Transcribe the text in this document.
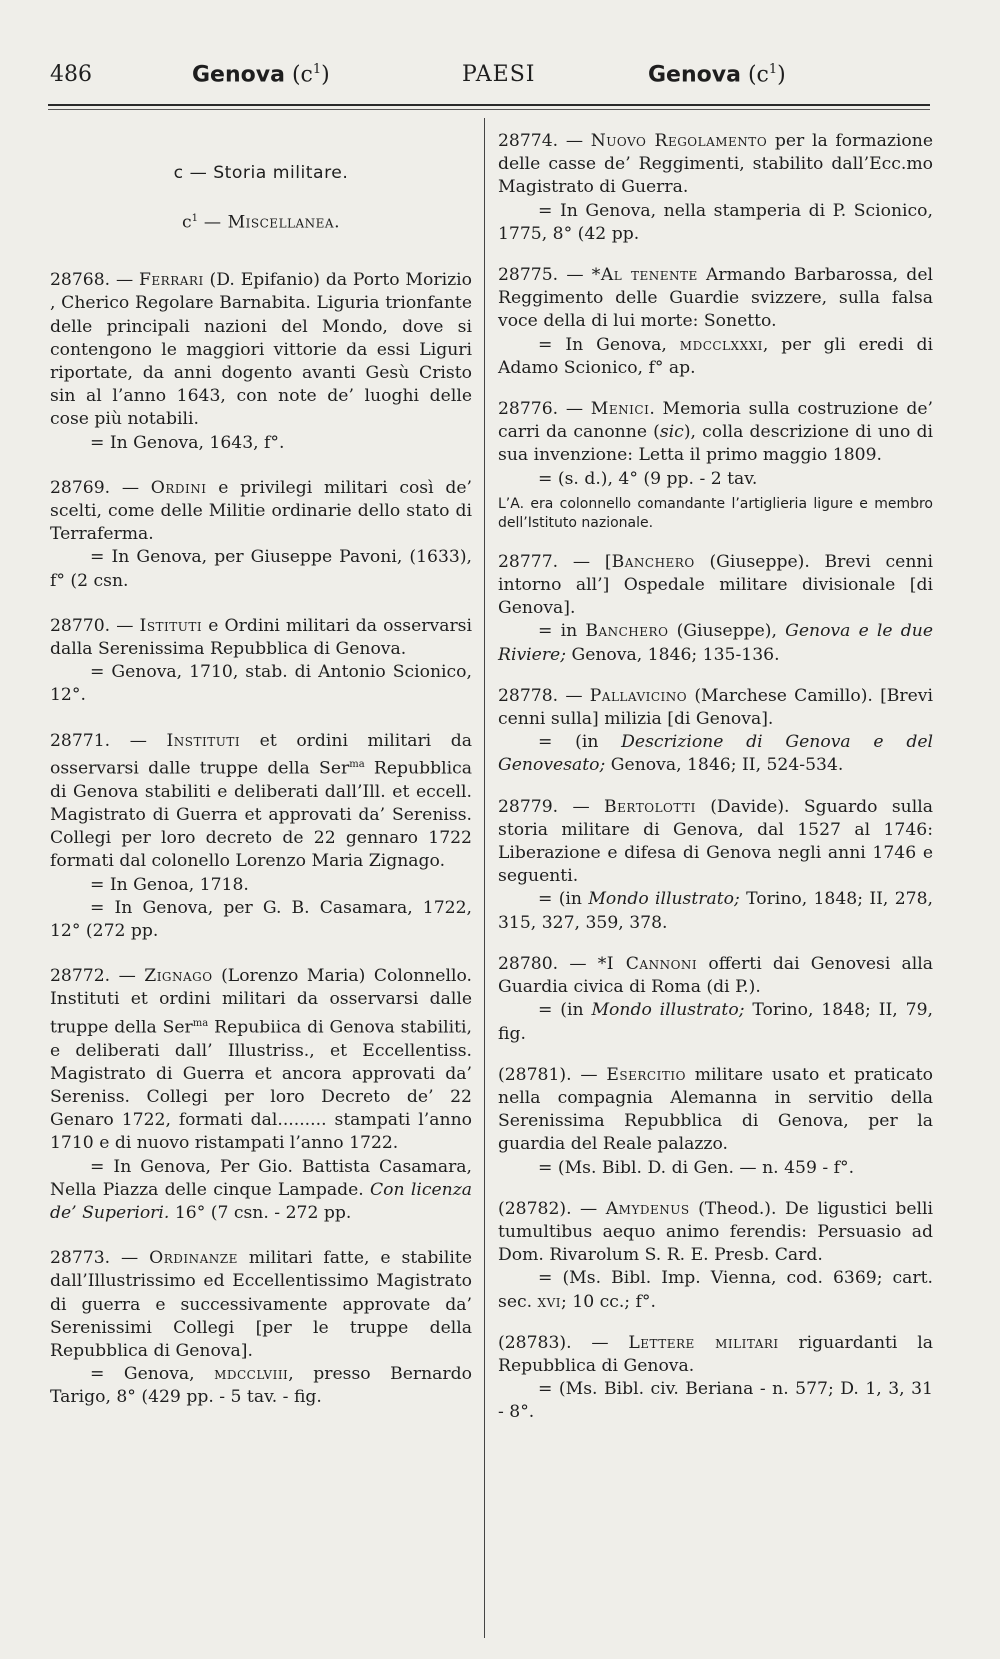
486	Genova $(c^1)$	PAESI	Genova $(c^1)$

c — Storia militare.

$c^1$ — Miscellanea.

28768. — Ferrari (D. Epifanio) da Porto Morizio , Cherico Regolare Barnabita. Liguria trionfante delle principali nazioni del Mondo, dove si contengono le maggiori vittorie da essi Liguri riportate, da anni dogento avanti Gesù Cristo sin al l’anno 1643, con note de’ luoghi delle cose più notabili.

= In Genova, 1643, f°.

28769. — Ordini e privilegi militari così de’ scelti, come delle Militie ordinarie dello stato di Terraferma.

= In Genova, per Giuseppe Pavoni, (1633), f° (2 csn.

28770. — Istituti e Ordini militari da osservarsi dalla Serenissima Repubblica di Genova.

= Genova, 1710, stab. di Antonio Scionico, 12°.

28771. — Instituti et ordini militari da osservarsi dalle truppe della Ser$^{ma}$ Repubblica di Genova stabiliti e deliberati dall’Ill. et eccell. Magistrato di Guerra et approvati da’ Sereniss. Collegi per loro decreto de 22 gennaro 1722 formati dal colonello Lorenzo Maria Zignago.

= In Genoa, 1718.

= In Genova, per G. B. Casamara, 1722, 12° (272 pp.

28772. — Zignago (Lorenzo Maria) Colonnello. Instituti et ordini militari da osservarsi dalle truppe della Ser$^{ma}$ Repubiica di Genova stabiliti, e deliberati dall’ Illustriss., et Eccellentiss. Magistrato di Guerra et ancora approvati da’ Sereniss. Collegi per loro Decreto de’ 22 Genaro 1722, formati dal......... stampati l’anno 1710 e di nuovo ristampati l’anno 1722.

= In Genova, Per Gio. Battista Casamara, Nella Piazza delle cinque Lampade. Con licenza de’ Superiori. 16° (7 csn. - 272 pp.

28773. — Ordinanze militari fatte, e stabilite dall’Illustrissimo ed Eccellentissimo Magistrato di guerra e successivamente approvate da’ Serenissimi Collegi [per le truppe della Repubblica di Genova].

= Genova, mdcclviii, presso Bernardo Tarigo, 8° (429 pp. - 5 tav. - fig.

28774. — Nuovo Regolamento per la formazione delle casse de’ Reggimenti, stabilito dall’Ecc.mo Magistrato di Guerra.

= In Genova, nella stamperia di P. Scionico, 1775, 8° (42 pp.

28775. — *Al tenente Armando Barbarossa, del Reggimento delle Guardie svizzere, sulla falsa voce della di lui morte: Sonetto.

= In Genova, mdcclxxxi, per gli eredi di Adamo Scionico, f° ap.

28776. — Menici. Memoria sulla costruzione de’ carri da canonne (sic), colla descrizione di uno di sua invenzione: Letta il primo maggio 1809.

= (s. d.), 4° (9 pp. - 2 tav.

L’A. era colonnello comandante l’artiglieria ligure e membro dell’Istituto nazionale.

28777. — [Banchero (Giuseppe). Brevi cenni intorno all’] Ospedale militare divisionale [di Genova].

= in Banchero (Giuseppe), Genova e le due Riviere; Genova, 1846; 135-136.

28778. — Pallavicino (Marchese Camillo). [Brevi cenni sulla] milizia [di Genova].

= (in Descrizione di Genova e del Genovesato; Genova, 1846; II, 524-534.

28779. — Bertolotti (Davide). Sguardo sulla storia militare di Genova, dal 1527 al 1746: Liberazione e difesa di Genova negli anni 1746 e seguenti.

= (in Mondo illustrato; Torino, 1848; II, 278, 315, 327, 359, 378.

28780. — *I Cannoni offerti dai Genovesi alla Guardia civica di Roma (di P.).

= (in Mondo illustrato; Torino, 1848; II, 79, fig.

(28781). — Esercitio militare usato et praticato nella compagnia Alemanna in servitio della Serenissima Repubblica di Genova, per la guardia del Reale palazzo.

= (Ms. Bibl. D. di Gen. — n. 459 - f°.

(28782). — Amydenus (Theod.). De ligustici belli tumultibus aequo animo ferendis: Persuasio ad Dom. Rivarolum S. R. E. Presb. Card.

= (Ms. Bibl. Imp. Vienna, cod. 6369; cart. sec. xvi; 10 cc.; f°.

(28783). — Lettere militari riguardanti la Repubblica di Genova.

= (Ms. Bibl. civ. Beriana - n. 577; D. 1, 3, 31 - 8°.
